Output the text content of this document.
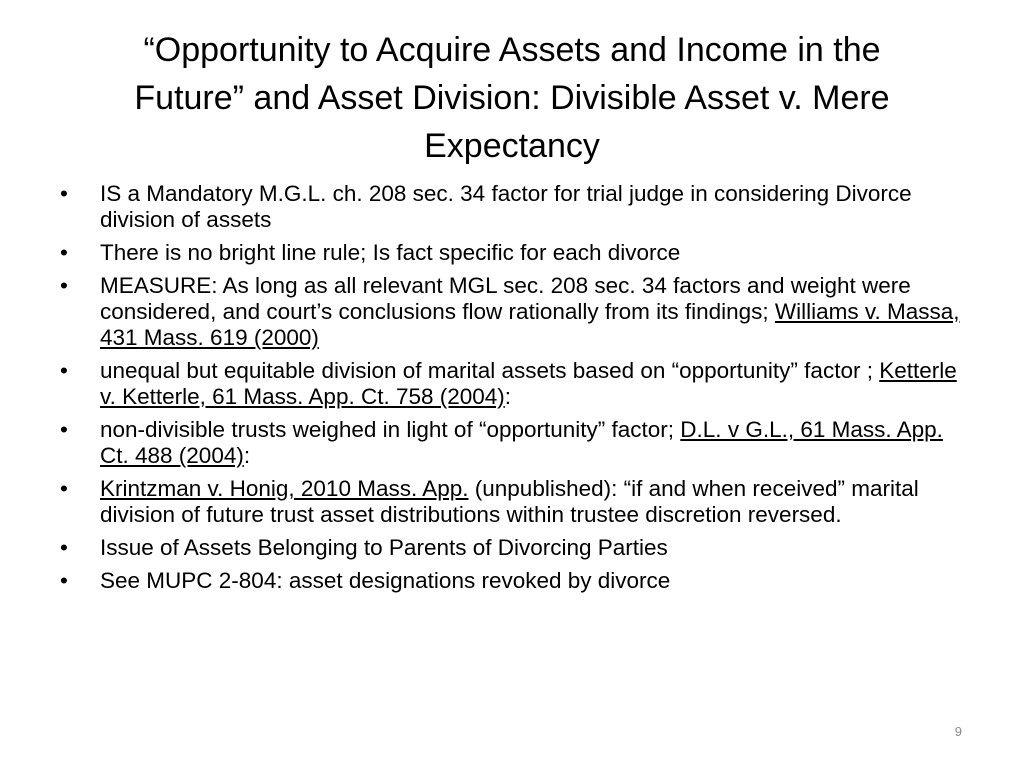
“Opportunity to Acquire Assets and Income in the
Future” and Asset Division: Divisible Asset v. Mere
Expectancy
•	IS a Mandatory M.G.L. ch. 208 sec. 34 factor for trial judge in considering Divorce division of assets
•	There is no bright line rule; Is fact specific for each divorce
•	MEASURE: As long as all relevant MGL sec. 208 sec. 34 factors and weight were considered, and court’s conclusions flow rationally from its findings; Williams v. Massa, 431 Mass. 619 (2000)
•	unequal but equitable division of marital assets based on “opportunity” factor ; Ketterle v. Ketterle, 61 Mass. App. Ct. 758 (2004):
•	non-divisible trusts weighed in light of “opportunity” factor; D.L. v G.L., 61 Mass. App. Ct. 488 (2004):
•	Krintzman v. Honig, 2010 Mass. App. (unpublished): “if and when received” marital division of future trust asset distributions within trustee discretion reversed.
•	Issue of Assets Belonging to Parents of Divorcing Parties
•	See MUPC 2-804: asset designations revoked by divorce
9
